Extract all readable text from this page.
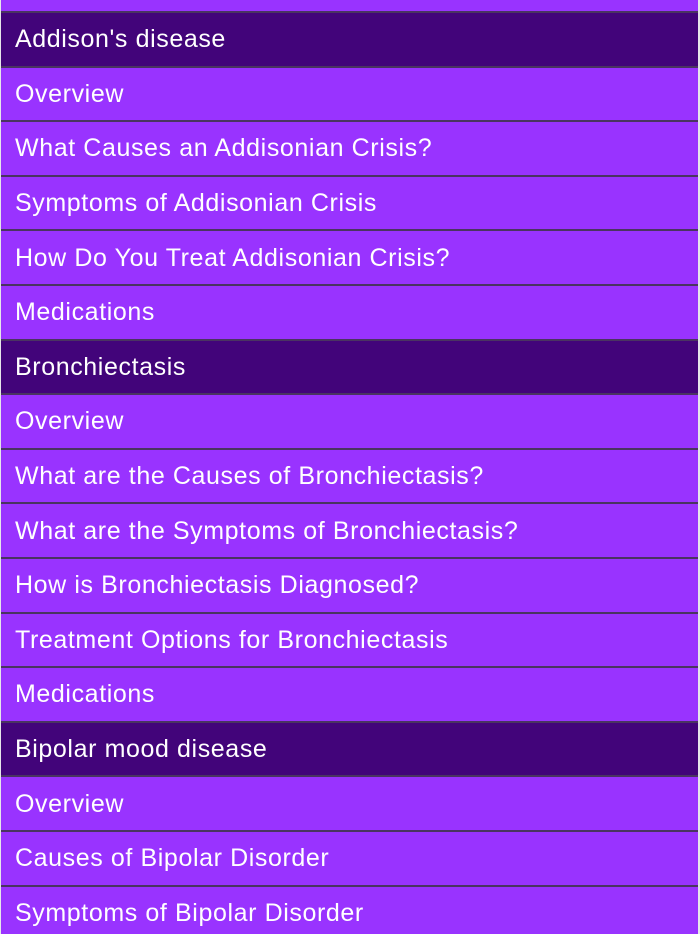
Addison's disease
Overview
What Causes an Addisonian Crisis?
Symptoms of Addisonian Crisis
How Do You Treat Addisonian Crisis?
Medications
Bronchiectasis
Overview
What are the Causes of Bronchiectasis?
What are the Symptoms of Bronchiectasis?
How is Bronchiectasis Diagnosed?
Treatment Options for Bronchiectasis
Medications
Bipolar mood disease
Overview
Causes of Bipolar Disorder
Symptoms of Bipolar Disorder
